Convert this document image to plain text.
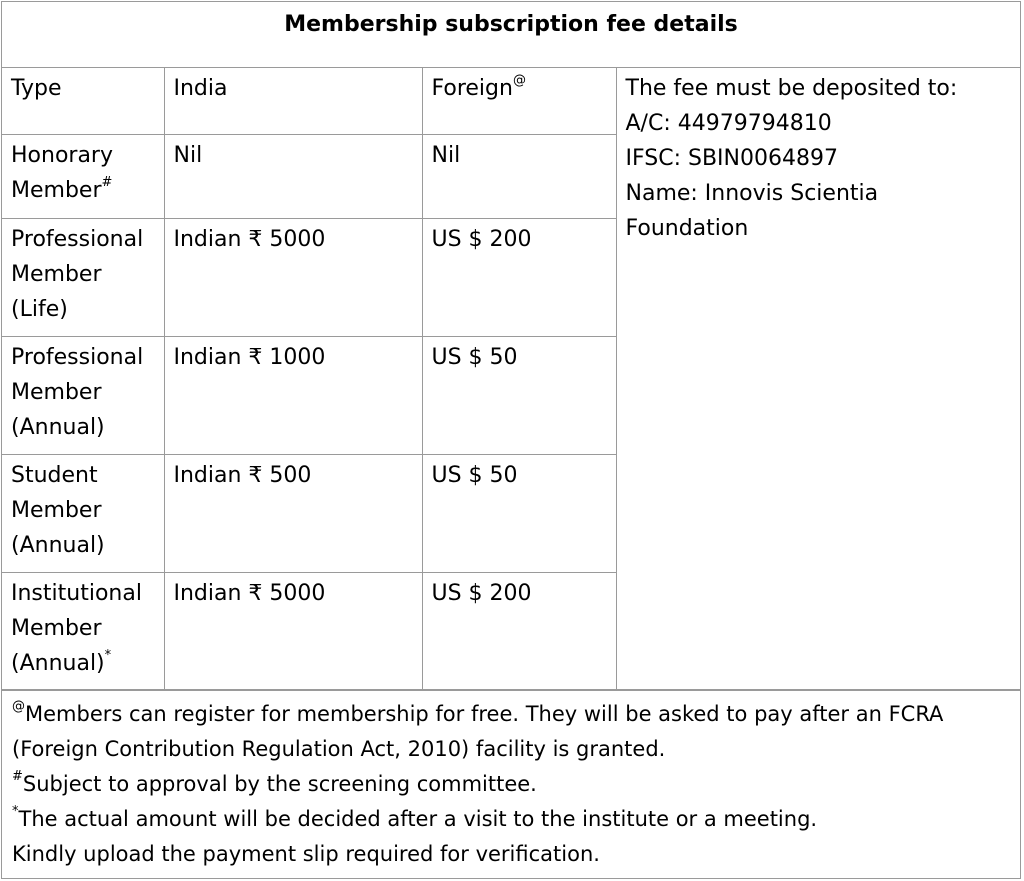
Membership subscription fee details
Type	India	Foreign@	The fee must be deposited to:
A/C: 44979794810
IFSC: SBIN0064897
Name: Innovis Scientia
Foundation

Honorary
Member#	Nil	Nil	

Professional
Member
(Life)	Indian ₹ 5000	US $ 200	

Professional
Member
(Annual)	Indian ₹ 1000	US $ 50	

Student
Member
(Annual)	Indian ₹ 500	US $ 50	

Institutional
Member
(Annual)*	Indian ₹ 5000	US $ 200	
@Members can register for membership for free. They will be asked to pay after an FCRA
(Foreign Contribution Regulation Act, 2010) facility is granted.
#Subject to approval by the screening committee.
*The actual amount will be decided after a visit to the institute or a meeting.
Kindly upload the payment slip required for verification.
